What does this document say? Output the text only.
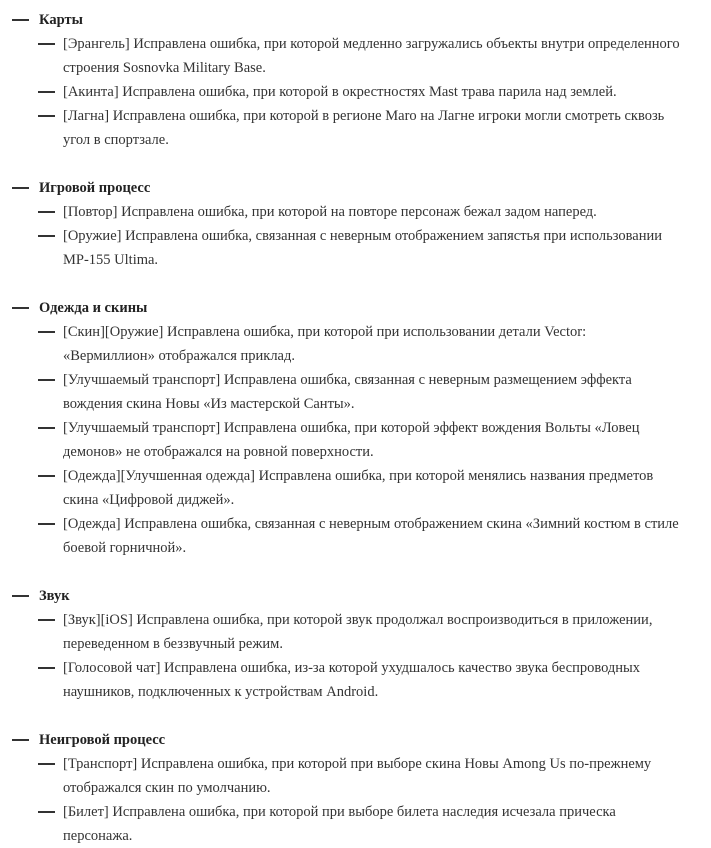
Карты
[Эрангель] Исправлена ошибка, при которой медленно загружались объекты внутри определенного строения Sosnovka Military Base.
[Акинта] Исправлена ошибка, при которой в окрестностях Mast трава парила над землей.
[Лагна] Исправлена ошибка, при которой в регионе Maro на Лагне игроки могли смотреть сквозь угол в спортзале.
Игровой процесс
[Повтор] Исправлена ошибка, при которой на повторе персонаж бежал задом наперед.
[Оружие] Исправлена ошибка, связанная с неверным отображением запястья при использовании MP-155 Ultima.
Одежда и скины
[Скин][Оружие] Исправлена ошибка, при которой при использовании детали Vector: «Вермиллион» отображался приклад.
[Улучшаемый транспорт] Исправлена ошибка, связанная с неверным размещением эффекта вождения скина Новы «Из мастерской Санты».
[Улучшаемый транспорт] Исправлена ошибка, при которой эффект вождения Вольты «Ловец демонов» не отображался на ровной поверхности.
[Одежда][Улучшенная одежда] Исправлена ошибка, при которой менялись названия предметов скина «Цифровой диджей».
[Одежда] Исправлена ошибка, связанная с неверным отображением скина «Зимний костюм в стиле боевой горничной».
Звук
[Звук][iOS] Исправлена ошибка, при которой звук продолжал воспроизводиться в приложении, переведенном в беззвучный режим.
[Голосовой чат] Исправлена ошибка, из-за которой ухудшалось качество звука беспроводных наушников, подключенных к устройствам Android.
Неигровой процесс
[Транспорт] Исправлена ошибка, при которой при выборе скина Новы Among Us по-прежнему отображался скин по умолчанию.
[Билет] Исправлена ошибка, при которой при выборе билета наследия исчезала прическа персонажа.
